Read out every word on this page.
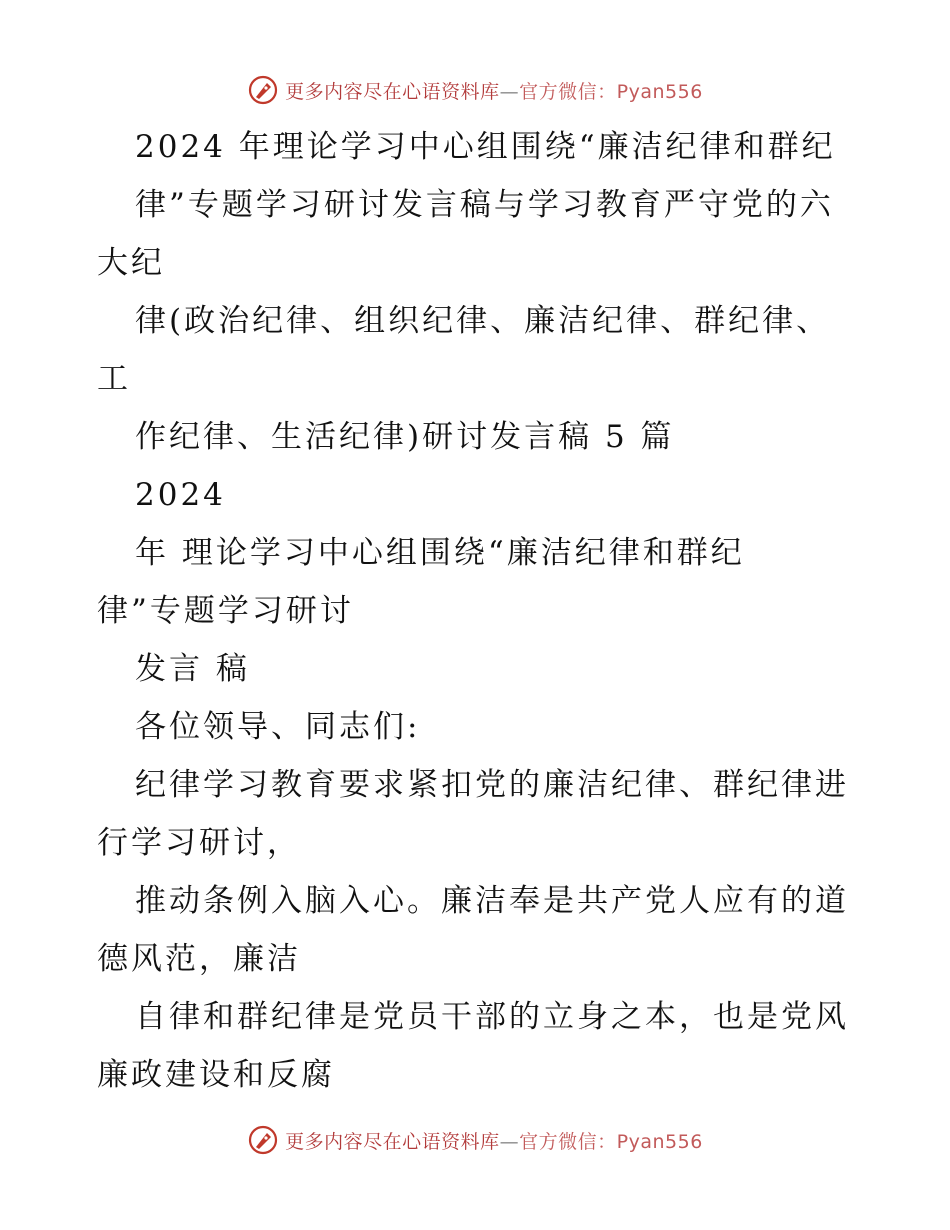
更多内容尽在心语资料库—官方微信：Pyan556
2024 年理论学习中心组围绕“廉洁纪律和群纪
律”专题学习研讨发言稿与学习教育严守党的六
大纪
律(政治纪律、组织纪律、廉洁纪律、群纪律、
工
作纪律、生活纪律)研讨发言稿 5 篇
2024
年 理论学习中心组围绕“廉洁纪律和群纪
律”专题学习研讨
发言 稿
各位领导、同志们:
纪律学习教育要求紧扣党的廉洁纪律、群纪律进
行学习研讨，
推动条例入脑入心。廉洁奉是共产党人应有的道
德风范，廉洁
自律和群纪律是党员干部的立身之本，也是党风
廉政建设和反腐
更多内容尽在心语资料库—官方微信：Pyan556
